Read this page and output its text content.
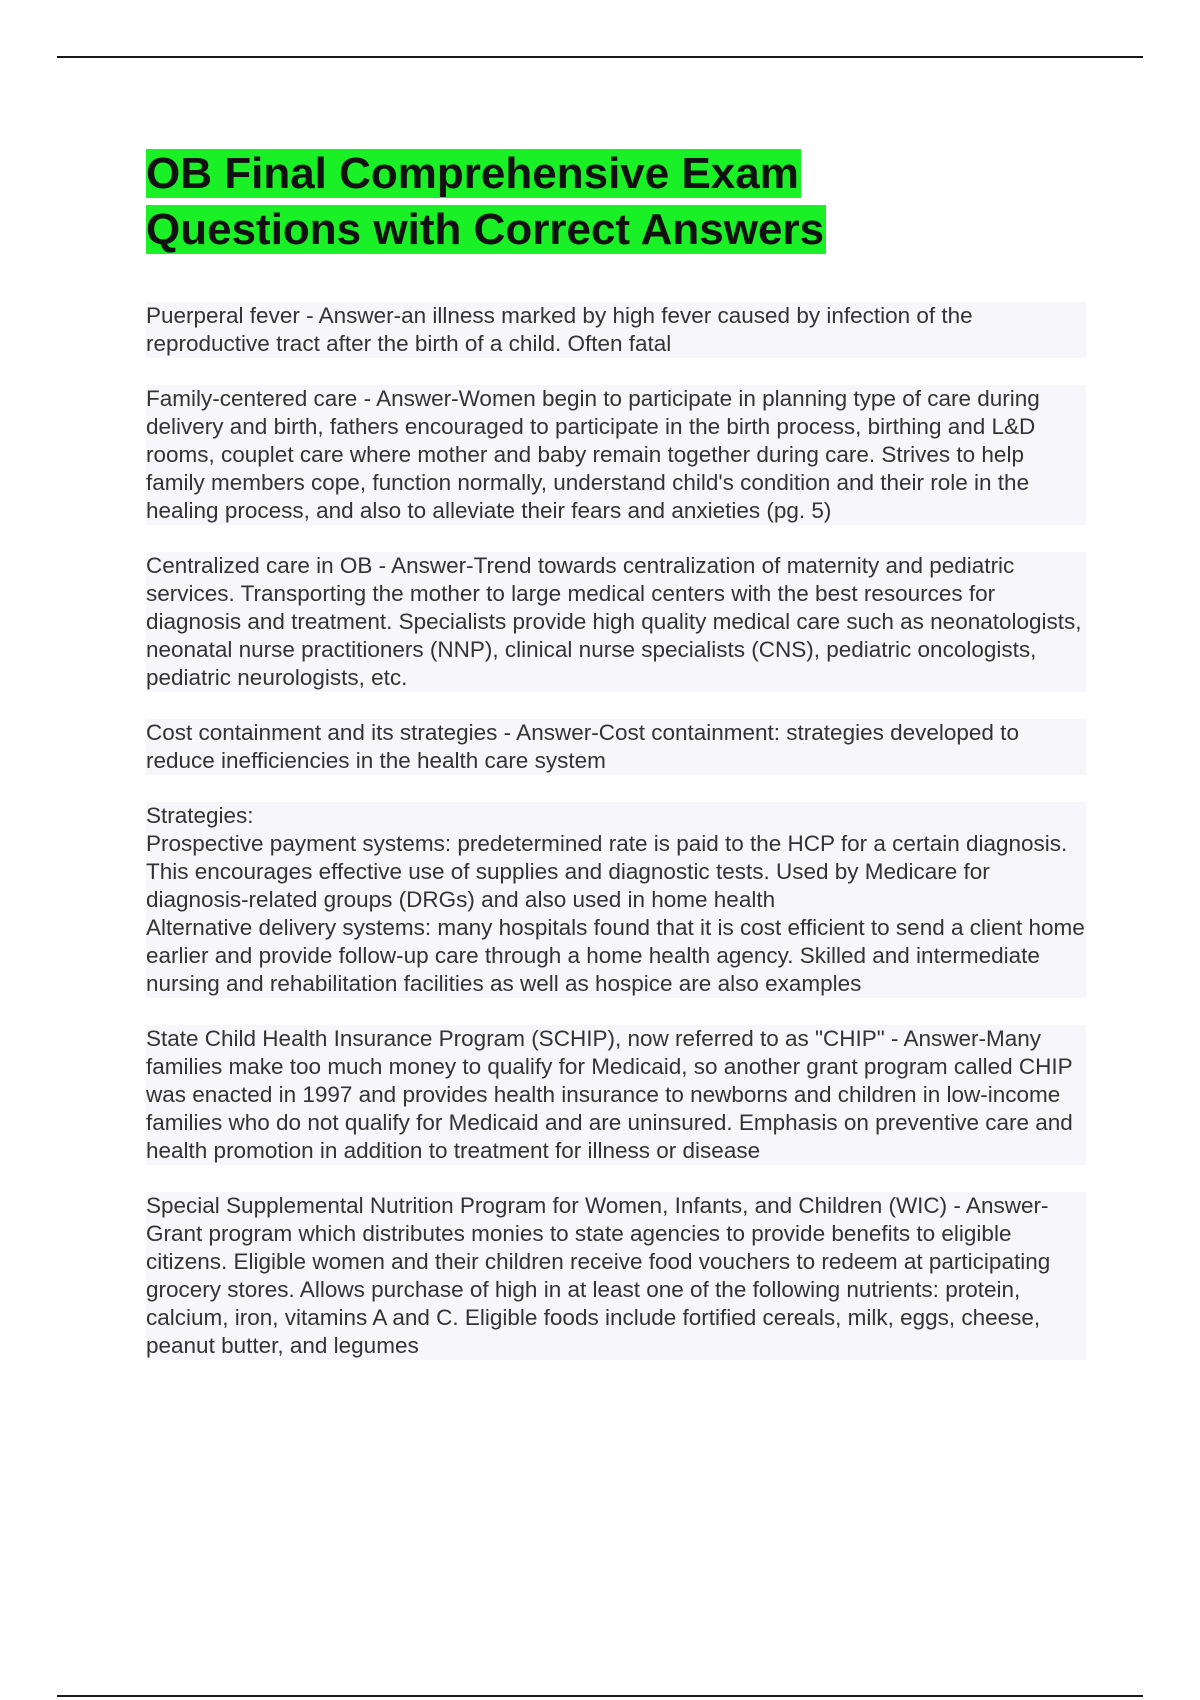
OB Final Comprehensive Exam
Questions with Correct Answers

Puerperal fever - Answer-an illness marked by high fever caused by infection of the reproductive tract after the birth of a child. Often fatal

Family-centered care - Answer-Women begin to participate in planning type of care during delivery and birth, fathers encouraged to participate in the birth process, birthing and L&D rooms, couplet care where mother and baby remain together during care. Strives to help family members cope, function normally, understand child's condition and their role in the healing process, and also to alleviate their fears and anxieties (pg. 5)

Centralized care in OB - Answer-Trend towards centralization of maternity and pediatric services. Transporting the mother to large medical centers with the best resources for diagnosis and treatment. Specialists provide high quality medical care such as neonatologists, neonatal nurse practitioners (NNP), clinical nurse specialists (CNS), pediatric oncologists, pediatric neurologists, etc.

Cost containment and its strategies - Answer-Cost containment: strategies developed to reduce inefficiencies in the health care system

Strategies:
Prospective payment systems: predetermined rate is paid to the HCP for a certain diagnosis. This encourages effective use of supplies and diagnostic tests. Used by Medicare for diagnosis-related groups (DRGs) and also used in home health
Alternative delivery systems: many hospitals found that it is cost efficient to send a client home earlier and provide follow-up care through a home health agency. Skilled and intermediate nursing and rehabilitation facilities as well as hospice are also examples

State Child Health Insurance Program (SCHIP), now referred to as "CHIP" - Answer-Many families make too much money to qualify for Medicaid, so another grant program called CHIP was enacted in 1997 and provides health insurance to newborns and children in low-income families who do not qualify for Medicaid and are uninsured. Emphasis on preventive care and health promotion in addition to treatment for illness or disease

Special Supplemental Nutrition Program for Women, Infants, and Children (WIC) - Answer-Grant program which distributes monies to state agencies to provide benefits to eligible citizens. Eligible women and their children receive food vouchers to redeem at participating grocery stores. Allows purchase of high in at least one of the following nutrients: protein, calcium, iron, vitamins A and C. Eligible foods include fortified cereals, milk, eggs, cheese, peanut butter, and legumes
